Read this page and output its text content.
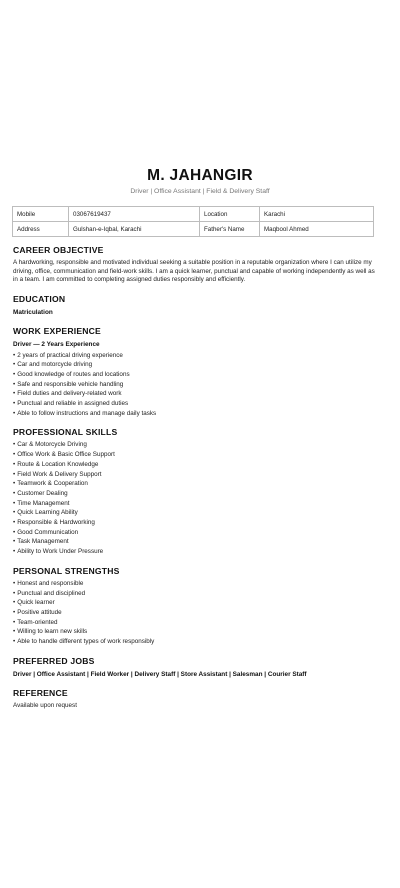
M. JAHANGIR
Driver | Office Assistant | Field & Delivery Staff
Mobile	03067619437	Location	Karachi
Address	Gulshan-e-Iqbal, Karachi	Father's Name	Maqbool Ahmed
CAREER OBJECTIVE

A hardworking, responsible and motivated individual seeking a suitable position in a reputable organization where I can utilize my driving, office, communication and field-work skills. I am a quick learner, punctual and capable of working independently as well as in a team. I am committed to completing assigned duties responsibly and efficiently.

EDUCATION
Matriculation
WORK EXPERIENCE
Driver — 2 Years Experience
• 2 years of practical driving experience
• Car and motorcycle driving
• Good knowledge of routes and locations
• Safe and responsible vehicle handling
• Field duties and delivery-related work
• Punctual and reliable in assigned duties
• Able to follow instructions and manage daily tasks
PROFESSIONAL SKILLS
• Car & Motorcycle Driving
• Office Work & Basic Office Support
• Route & Location Knowledge
• Field Work & Delivery Support
• Teamwork & Cooperation
• Customer Dealing
• Time Management
• Quick Learning Ability
• Responsible & Hardworking
• Good Communication
• Task Management
• Ability to Work Under Pressure
PERSONAL STRENGTHS
• Honest and responsible
• Punctual and disciplined
• Quick learner
• Positive attitude
• Team-oriented
• Willing to learn new skills
• Able to handle different types of work responsibly
PREFERRED JOBS
Driver | Office Assistant | Field Worker | Delivery Staff | Store Assistant | Salesman | Courier Staff
REFERENCE

Available upon request
